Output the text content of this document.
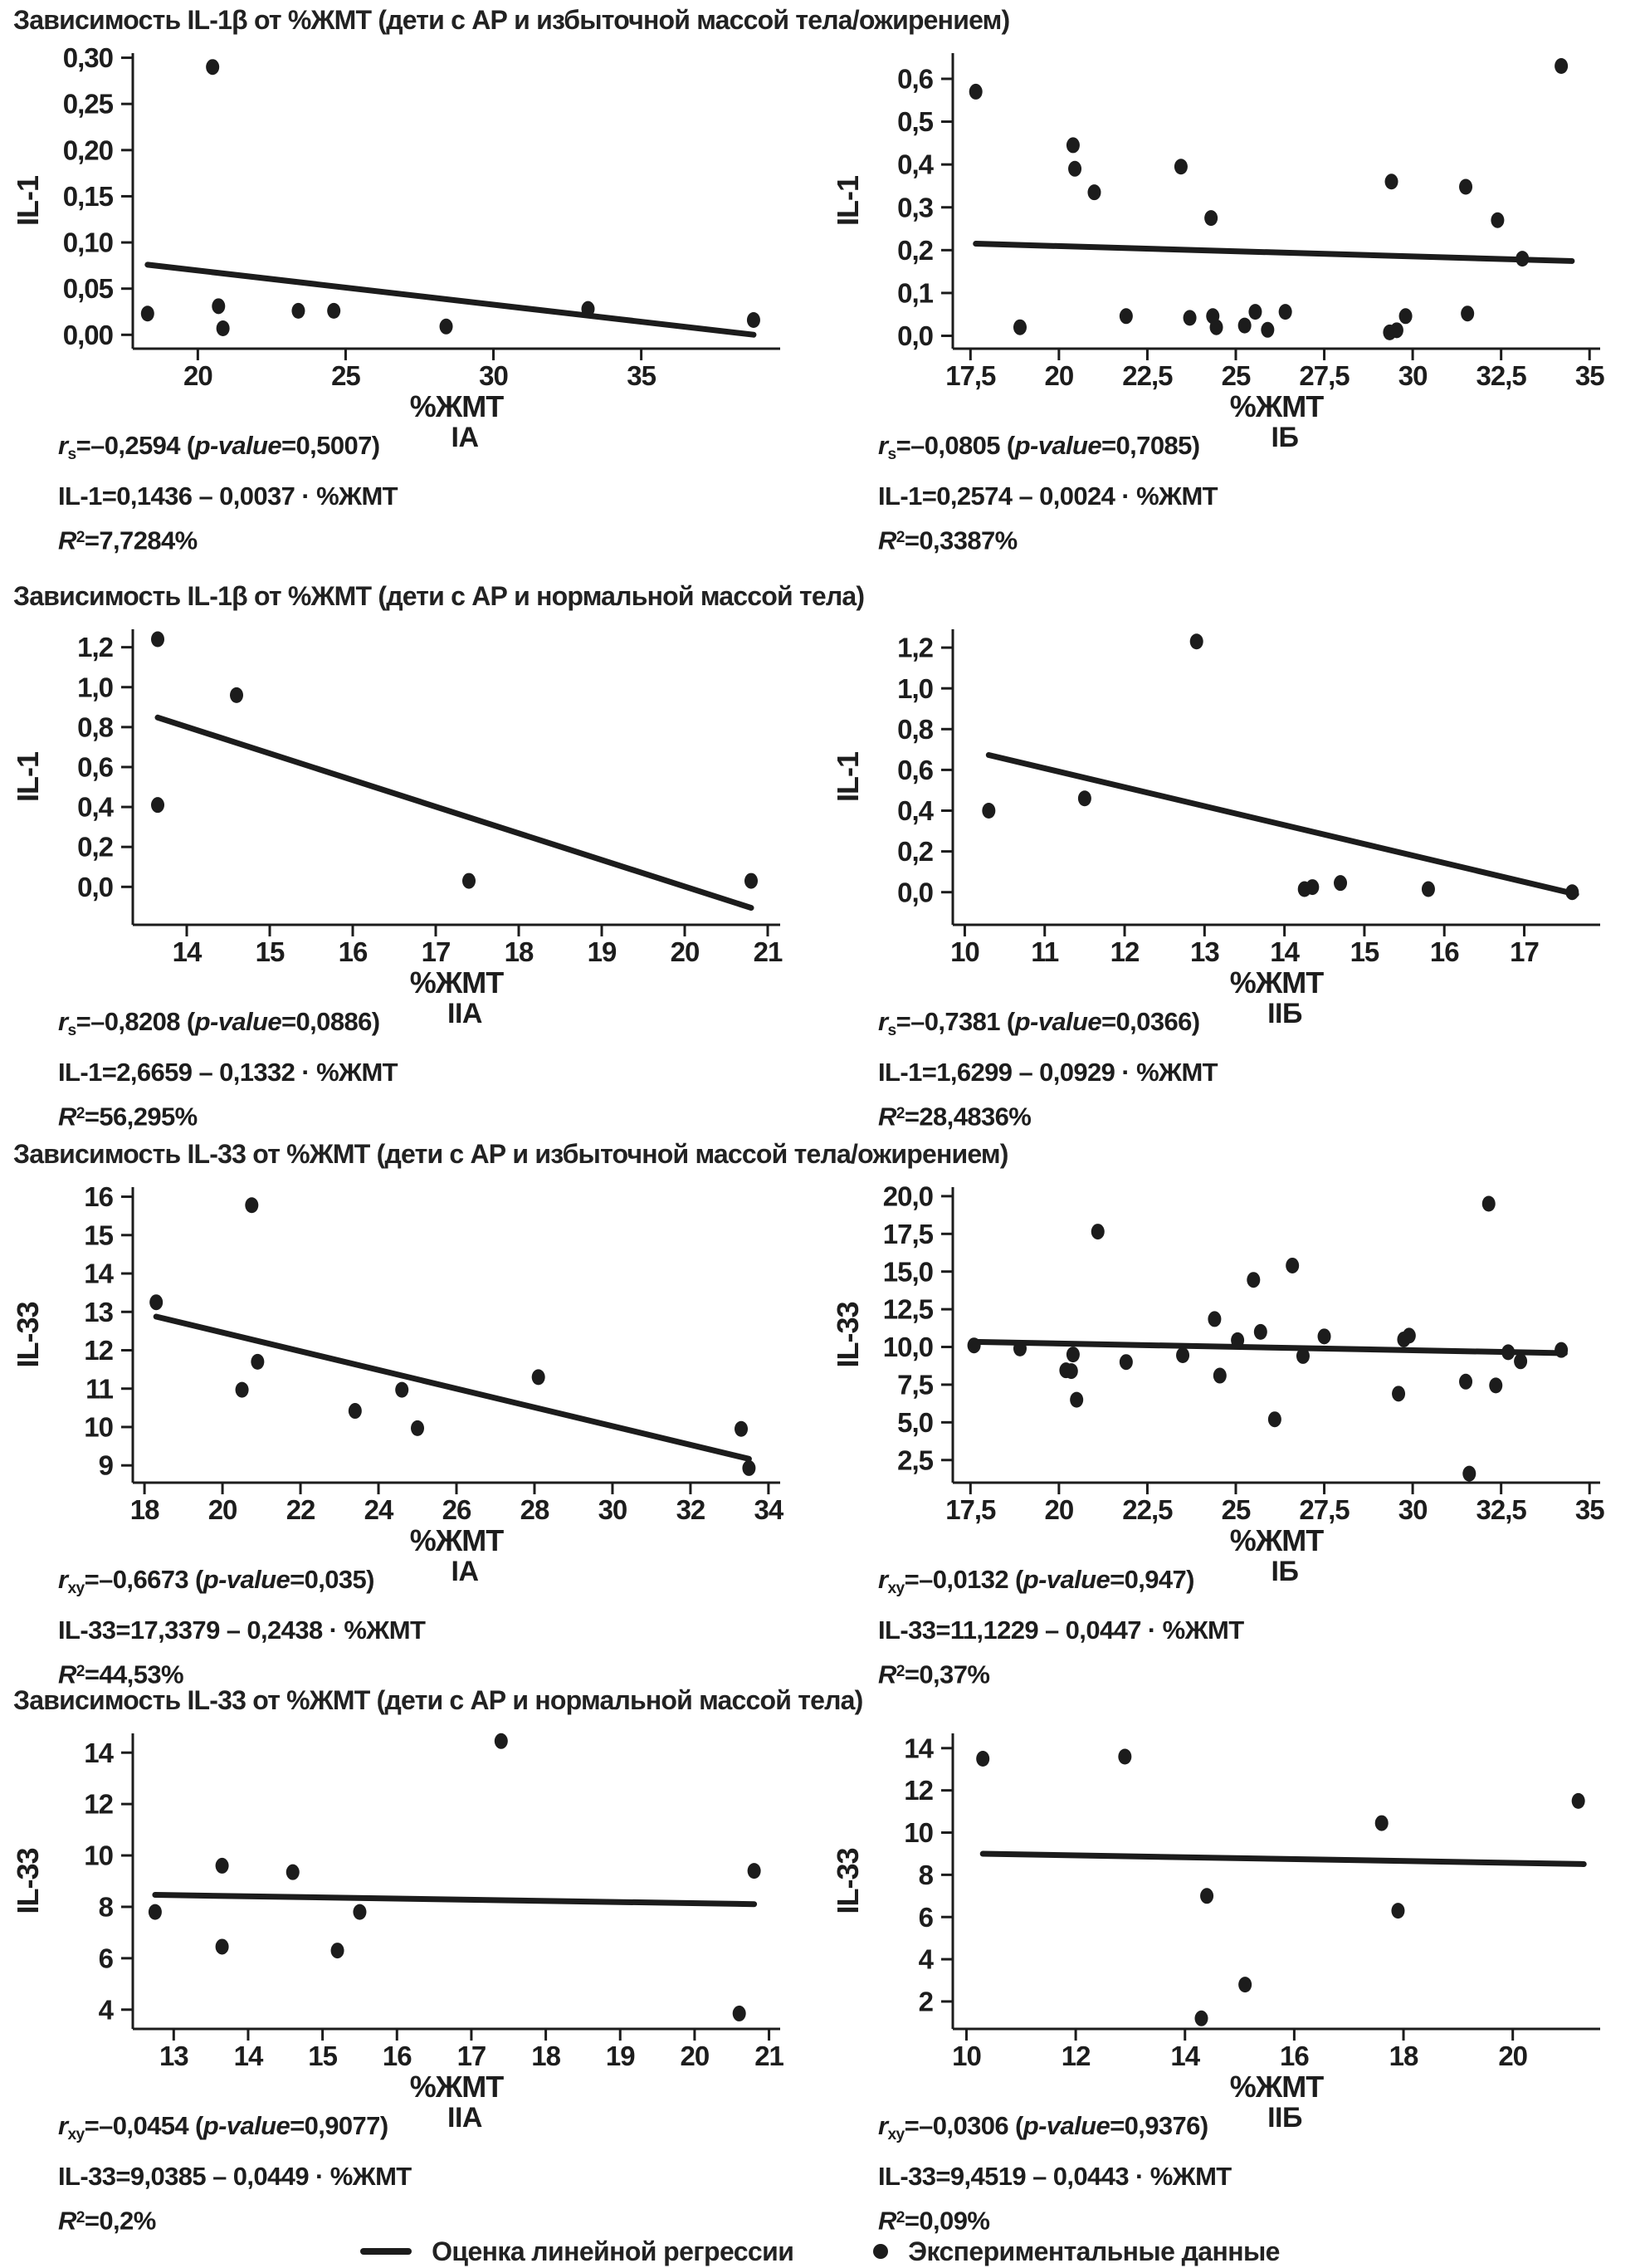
Зависимость IL-1β от %ЖМТ (дети с АР и избыточной массой тела/ожирением)
0,00
0,05
0,10
0,15
0,20
0,25
0,30
20	25	30	35
%ЖМТ
IL-1
$r_s=-0,2594$ (p-value=0,5007)
IL-1=0,1436 – 0,0037 · %ЖМТ
$R^2=7,7284\%$
IA
0,0
0,1
0,2
0,3
0,4
0,5
0,6
17,5 20 22,5 25 27,5 30 32,5 35
%ЖМТ
IL-1
$r_s=-0,0805$ (p-value=0,7085)
IL-1=0,2574 – 0,0024 · %ЖМТ
$R^2=0,3387\%$
IБ
Зависимость IL-1β от %ЖМТ (дети с АР и нормальной массой тела)
0,0
0,2
0,4
0,6
0,8
1,0
1,2
14 15 16 17 18 19 20 21
%ЖМТ
IL-1
$r_s=-0,8208$ (p-value=0,0886)
IL-1=2,6659 – 0,1332 · %ЖМТ
$R^2=56,295\%$
IIA
0,0
0,2
0,4
0,6
0,8
1,0
1,2
10 11 12 13 14 15 16 17
%ЖМТ
IL-1
$r_s=-0,7381$ (p-value=0,0366)
IL-1=1,6299 – 0,0929 · %ЖМТ
$R^2=28,4836\%$
IIБ
Зависимость IL-33 от %ЖМТ (дети с АР и избыточной массой тела/ожирением)
9
10
11
12
13
14
15
16
18 20 22 24 26 28 30 32 34
%ЖМТ
IL-33
$r_{xy}=-0,6673$ (p-value=0,035)
IL-33=17,3379 – 0,2438 · %ЖМТ
$R^2=44,53\%$
IA
2,5
5,0
7,5
10,0
12,5
15,0
17,5
20,0
17,5 20 22,5 25 27,5 30 32,5 35
%ЖМТ
IL-33
$r_{xy}=-0,0132$ (p-value=0,947)
IL-33=11,1229 – 0,0447 · %ЖМТ
$R^2=0,37\%$
IБ
Зависимость IL-33 от %ЖМТ (дети с АР и нормальной массой тела)
4
6
8
10
12
14
13 14 15 16 17 18 19 20 21
%ЖМТ
IL-33
$r_{xy}=-0,0454$ (p-value=0,9077)
IL-33=9,0385 – 0,0449 · %ЖМТ
$R^2=0,2\%$
IIA
2
4
6
8
10
12
14
10	12	14	16	18	20
%ЖМТ
IL-33
$r_{xy}=-0,0306$ (p-value=0,9376)
IL-33=9,4519 – 0,0443 · %ЖМТ
$R^2=0,09\%$
IIБ
Оценка линейной регрессии	Экспериментальные данные
